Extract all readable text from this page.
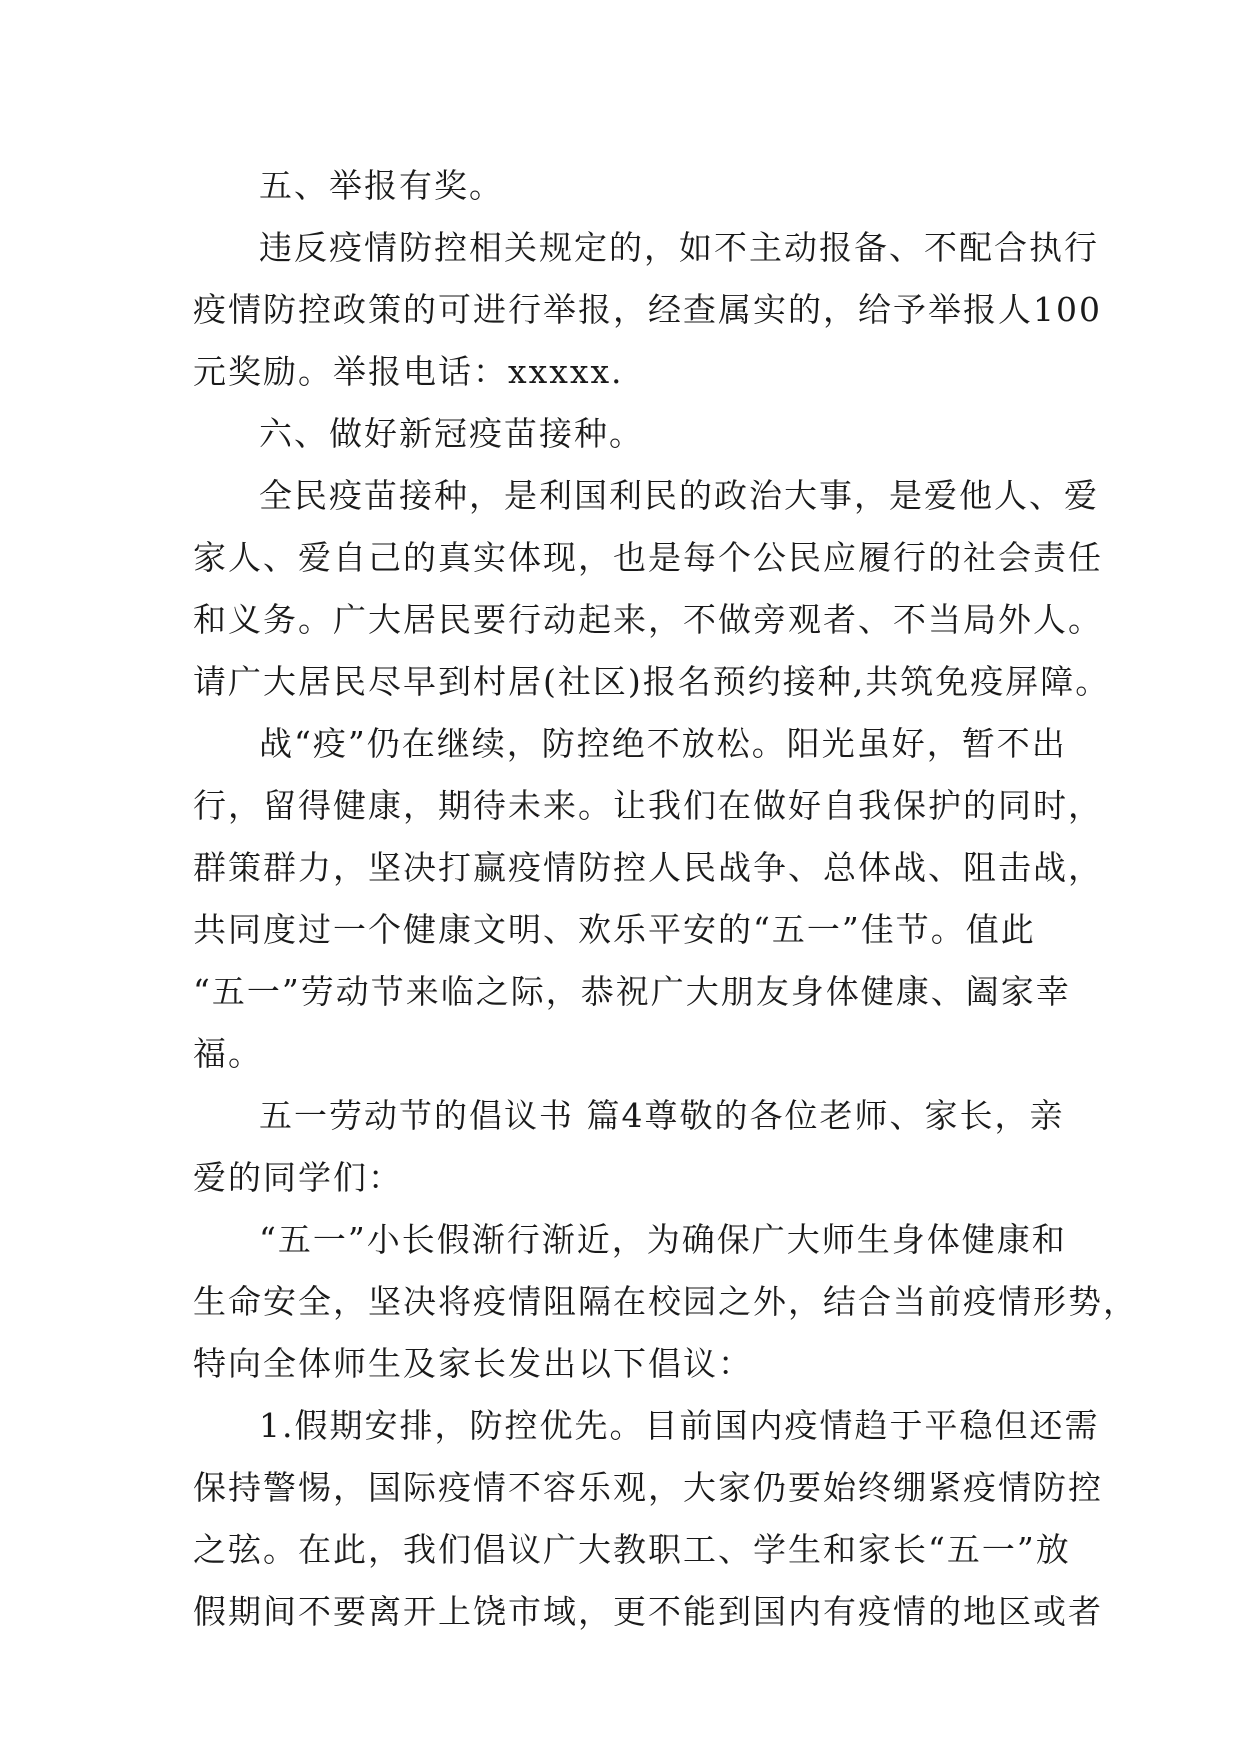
五、举报有奖。
违反疫情防控相关规定的，如不主动报备、不配合执行
疫情防控政策的可进行举报，经查属实的，给予举报人100
元奖励。举报电话：xxxxx.
六、做好新冠疫苗接种。
全民疫苗接种，是利国利民的政治大事，是爱他人、爱
家人、爱自己的真实体现，也是每个公民应履行的社会责任
和义务。广大居民要行动起来，不做旁观者、不当局外人。
请广大居民尽早到村居(社区)报名预约接种,共筑免疫屏障。
战“疫”仍在继续，防控绝不放松。阳光虽好，暂不出
行，留得健康，期待未来。让我们在做好自我保护的同时，
群策群力，坚决打赢疫情防控人民战争、总体战、阻击战，
共同度过一个健康文明、欢乐平安的“五一”佳节。值此
“五一”劳动节来临之际，恭祝广大朋友身体健康、阖家幸
福。
五一劳动节的倡议书 篇4尊敬的各位老师、家长，亲
爱的同学们：
“五一”小长假渐行渐近，为确保广大师生身体健康和
生命安全，坚决将疫情阻隔在校园之外，结合当前疫情形势，
特向全体师生及家长发出以下倡议：
1.假期安排，防控优先。目前国内疫情趋于平稳但还需
保持警惕，国际疫情不容乐观，大家仍要始终绷紧疫情防控
之弦。在此，我们倡议广大教职工、学生和家长“五一”放
假期间不要离开上饶市域，更不能到国内有疫情的地区或者
